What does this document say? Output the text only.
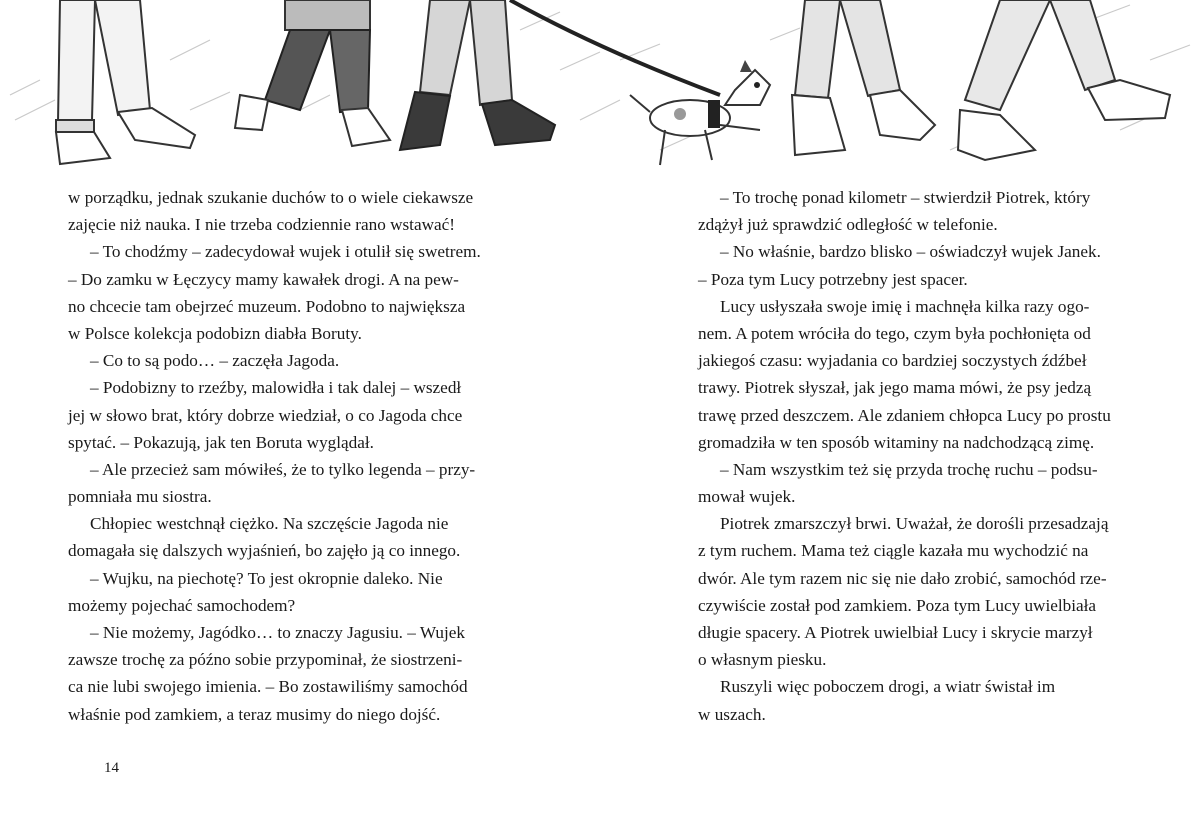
w porządku, jednak szukanie duchów to o wiele ciekawsze
zajęcie niż nauka. I nie trzeba codziennie rano wstawać!
– To chodźmy – zadecydował wujek i otulił się swetrem.
– Do zamku w Łęczycy mamy kawałek drogi. A na pew-
no chcecie tam obejrzeć muzeum. Podobno to największa
w Polsce kolekcja podobizn diabła Boruty.
– Co to są podo… – zaczęła Jagoda.
– Podobizny to rzeźby, malowidła i tak dalej – wszedł
jej w słowo brat, który dobrze wiedział, o co Jagoda chce
spytać. – Pokazują, jak ten Boruta wyglądał.
– Ale przecież sam mówiłeś, że to tylko legenda – przy-
pomniała mu siostra.
Chłopiec westchnął ciężko. Na szczęście Jagoda nie
domagała się dalszych wyjaśnień, bo zajęło ją co innego.
– Wujku, na piechotę? To jest okropnie daleko. Nie
możemy pojechać samochodem?
– Nie możemy, Jagódko… to znaczy Jagusiu. – Wujek
zawsze trochę za późno sobie przypominał, że siostrzeni-
ca nie lubi swojego imienia. – Bo zostawiliśmy samochód
właśnie pod zamkiem, a teraz musimy do niego dojść.
– To trochę ponad kilometr – stwierdził Piotrek, który
zdążył już sprawdzić odległość w telefonie.
– No właśnie, bardzo blisko – oświadczył wujek Janek.
– Poza tym Lucy potrzebny jest spacer.
Lucy usłyszała swoje imię i machnęła kilka razy ogo-
nem. A potem wróciła do tego, czym była pochłonięta od
jakiegoś czasu: wyjadania co bardziej soczystych źdźbeł
trawy. Piotrek słyszał, jak jego mama mówi, że psy jedzą
trawę przed deszczem. Ale zdaniem chłopca Lucy po prostu
gromadziła w ten sposób witaminy na nadchodzącą zimę.
– Nam wszystkim też się przyda trochę ruchu – podsu-
mował wujek.
Piotrek zmarszczył brwi. Uważał, że dorośli przesadzają
z tym ruchem. Mama też ciągle kazała mu wychodzić na
dwór. Ale tym razem nic się nie dało zrobić, samochód rze-
czywiście został pod zamkiem. Poza tym Lucy uwielbiała
długie spacery. A Piotrek uwielbiał Lucy i skrycie marzył
o własnym piesku.
Ruszyli więc poboczem drogi, a wiatr świstał im
w uszach.
14
